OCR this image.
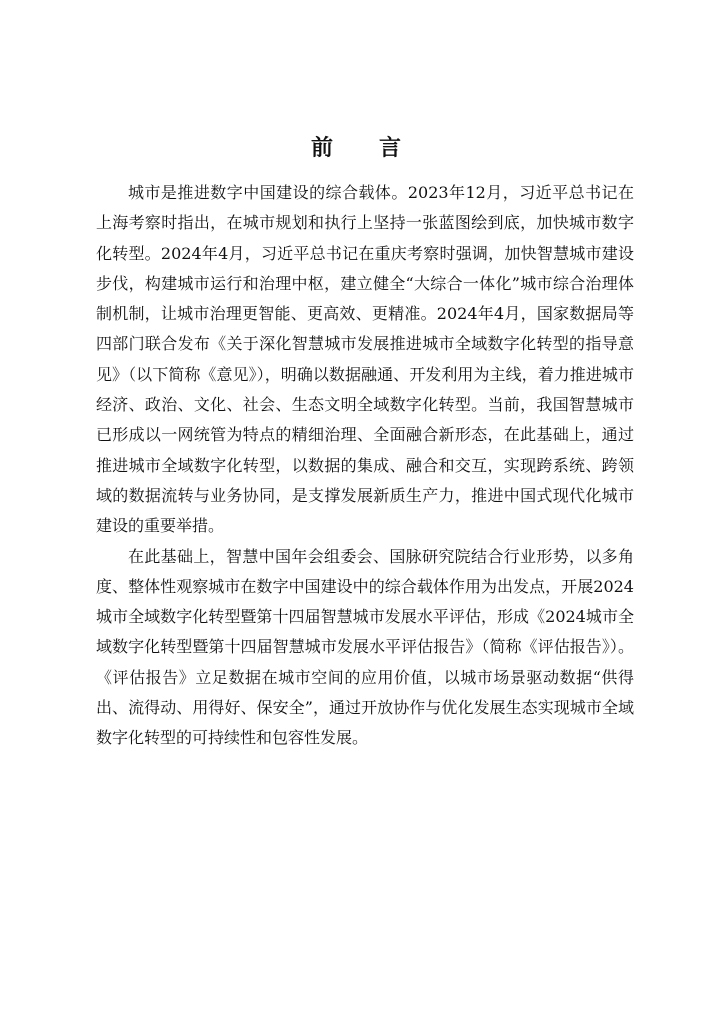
前　言

城市是推进数字中国建设的综合载体。2023年12月，习近平总书记在上海考察时指出，在城市规划和执行上坚持一张蓝图绘到底，加快城市数字化转型。2024年4月，习近平总书记在重庆考察时强调，加快智慧城市建设步伐，构建城市运行和治理中枢，建立健全“大综合一体化”城市综合治理体制机制，让城市治理更智能、更高效、更精准。2024年4月，国家数据局等四部门联合发布《关于深化智慧城市发展推进城市全域数字化转型的指导意见》（以下简称《意见》），明确以数据融通、开发利用为主线，着力推进城市经济、政治、文化、社会、生态文明全域数字化转型。当前，我国智慧城市已形成以一网统管为特点的精细治理、全面融合新形态，在此基础上，通过推进城市全域数字化转型，以数据的集成、融合和交互，实现跨系统、跨领域的数据流转与业务协同，是支撑发展新质生产力，推进中国式现代化城市建设的重要举措。

在此基础上，智慧中国年会组委会、国脉研究院结合行业形势，以多角度、整体性观察城市在数字中国建设中的综合载体作用为出发点，开展2024城市全域数字化转型暨第十四届智慧城市发展水平评估，形成《2024城市全域数字化转型暨第十四届智慧城市发展水平评估报告》（简称《评估报告》）。《评估报告》立足数据在城市空间的应用价值，以城市场景驱动数据“供得出、流得动、用得好、保安全”，通过开放协作与优化发展生态实现城市全域数字化转型的可持续性和包容性发展。
